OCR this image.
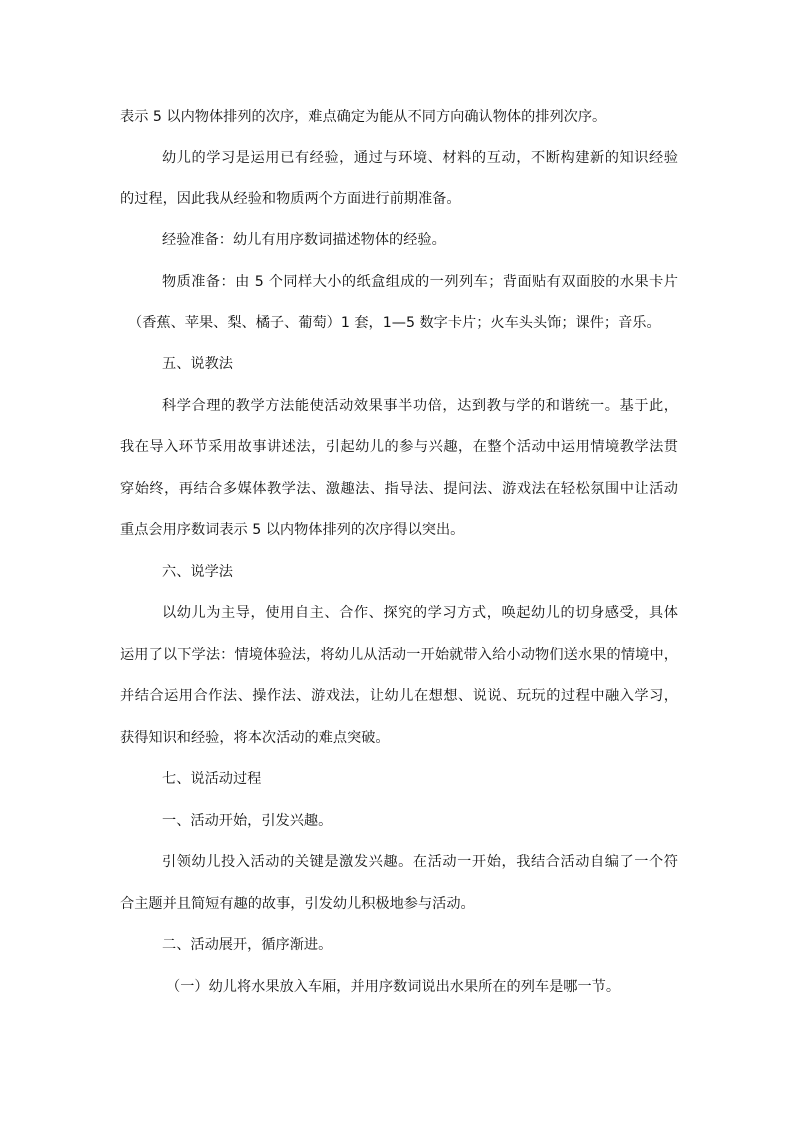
表示 5 以内物体排列的次序，难点确定为能从不同方向确认物体的排列次序。
幼儿的学习是运用已有经验，通过与环境、材料的互动，不断构建新的知识经验
的过程，因此我从经验和物质两个方面进行前期准备。
经验准备：幼儿有用序数词描述物体的经验。
物质准备：由 5 个同样大小的纸盒组成的一列列车；背面贴有双面胶的水果卡片
（香蕉、苹果、梨、橘子、葡萄）1 套，1—5 数字卡片；火车头头饰；课件；音乐。
五、说教法
科学合理的教学方法能使活动效果事半功倍，达到教与学的和谐统一。基于此，
我在导入环节采用故事讲述法，引起幼儿的参与兴趣，在整个活动中运用情境教学法贯
穿始终，再结合多媒体教学法、激趣法、指导法、提问法、游戏法在轻松氛围中让活动
重点会用序数词表示 5 以内物体排列的次序得以突出。
六、说学法
以幼儿为主导，使用自主、合作、探究的学习方式，唤起幼儿的切身感受，具体
运用了以下学法：情境体验法，将幼儿从活动一开始就带入给小动物们送水果的情境中，
并结合运用合作法、操作法、游戏法，让幼儿在想想、说说、玩玩的过程中融入学习，
获得知识和经验，将本次活动的难点突破。
七、说活动过程
一、活动开始，引发兴趣。
引领幼儿投入活动的关键是激发兴趣。在活动一开始，我结合活动自编了一个符
合主题并且简短有趣的故事，引发幼儿积极地参与活动。
二、活动展开，循序渐进。
（一）幼儿将水果放入车厢，并用序数词说出水果所在的列车是哪一节。
